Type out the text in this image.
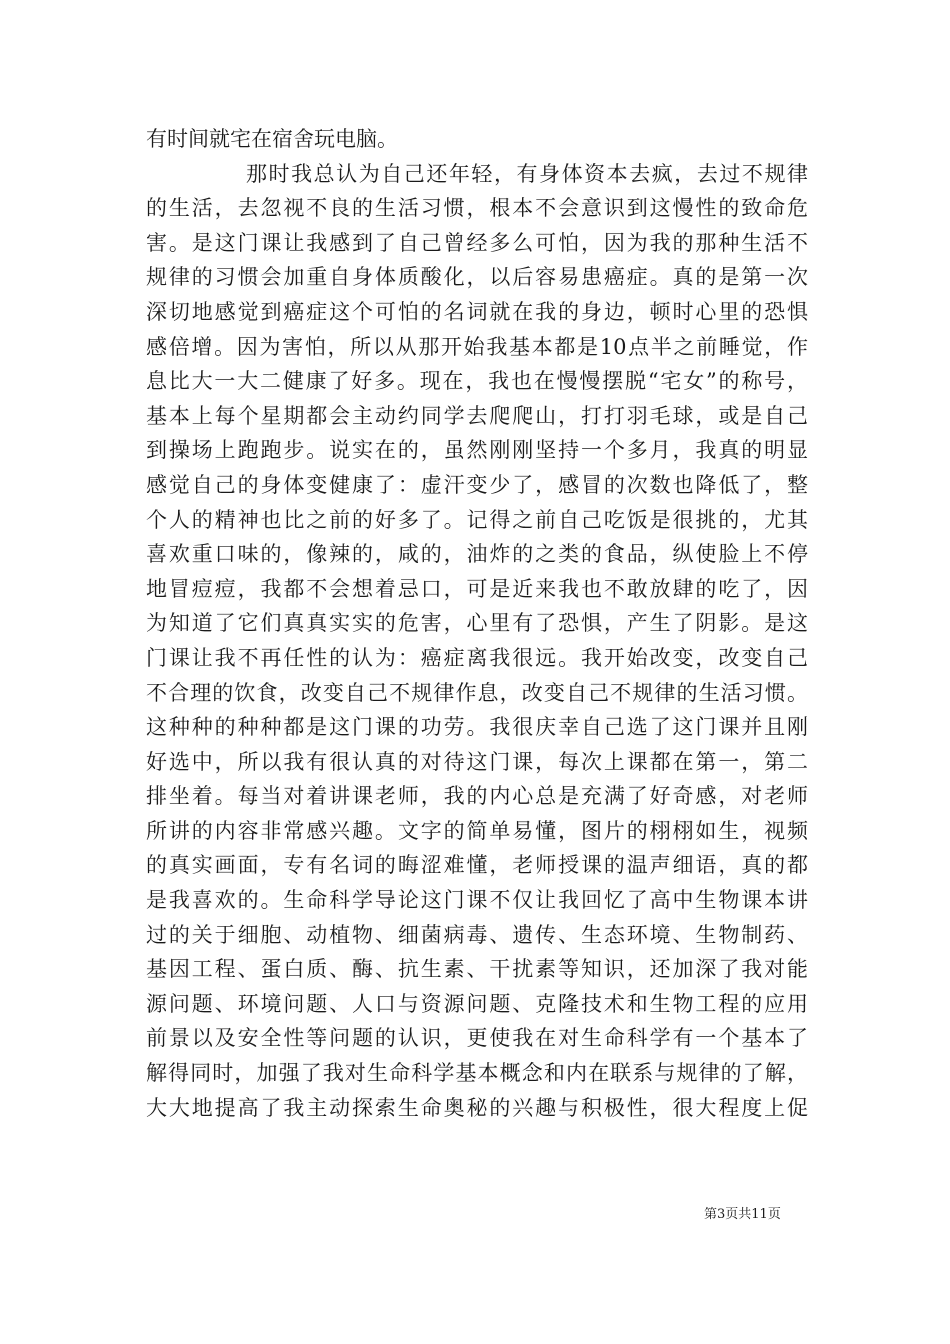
有时间就宅在宿舍玩电脑。
那时我总认为自己还年轻，有身体资本去疯，去过不规律
的生活，去忽视不良的生活习惯，根本不会意识到这慢性的致命危
害。是这门课让我感到了自己曾经多么可怕，因为我的那种生活不
规律的习惯会加重自身体质酸化，以后容易患癌症。真的是第一次
深切地感觉到癌症这个可怕的名词就在我的身边，顿时心里的恐惧
感倍增。因为害怕，所以从那开始我基本都是10点半之前睡觉，作
息比大一大二健康了好多。现在，我也在慢慢摆脱“宅女”的称号，
基本上每个星期都会主动约同学去爬爬山，打打羽毛球，或是自己
到操场上跑跑步。说实在的，虽然刚刚坚持一个多月，我真的明显
感觉自己的身体变健康了：虚汗变少了，感冒的次数也降低了，整
个人的精神也比之前的好多了。记得之前自己吃饭是很挑的，尤其
喜欢重口味的，像辣的，咸的，油炸的之类的食品，纵使脸上不停
地冒痘痘，我都不会想着忌口，可是近来我也不敢放肆的吃了，因
为知道了它们真真实实的危害，心里有了恐惧，产生了阴影。是这
门课让我不再任性的认为：癌症离我很远。我开始改变，改变自己
不合理的饮食，改变自己不规律作息，改变自己不规律的生活习惯。
这种种的种种都是这门课的功劳。我很庆幸自己选了这门课并且刚
好选中，所以我有很认真的对待这门课，每次上课都在第一，第二
排坐着。每当对着讲课老师，我的内心总是充满了好奇感，对老师
所讲的内容非常感兴趣。文字的简单易懂，图片的栩栩如生，视频
的真实画面，专有名词的晦涩难懂，老师授课的温声细语，真的都
是我喜欢的。生命科学导论这门课不仅让我回忆了高中生物课本讲
过的关于细胞、动植物、细菌病毒、遗传、生态环境、生物制药、
基因工程、蛋白质、酶、抗生素、干扰素等知识，还加深了我对能
源问题、环境问题、人口与资源问题、克隆技术和生物工程的应用
前景以及安全性等问题的认识，更使我在对生命科学有一个基本了
解得同时，加强了我对生命科学基本概念和内在联系与规律的了解，
大大地提高了我主动探索生命奥秘的兴趣与积极性，很大程度上促
第3页共11页
